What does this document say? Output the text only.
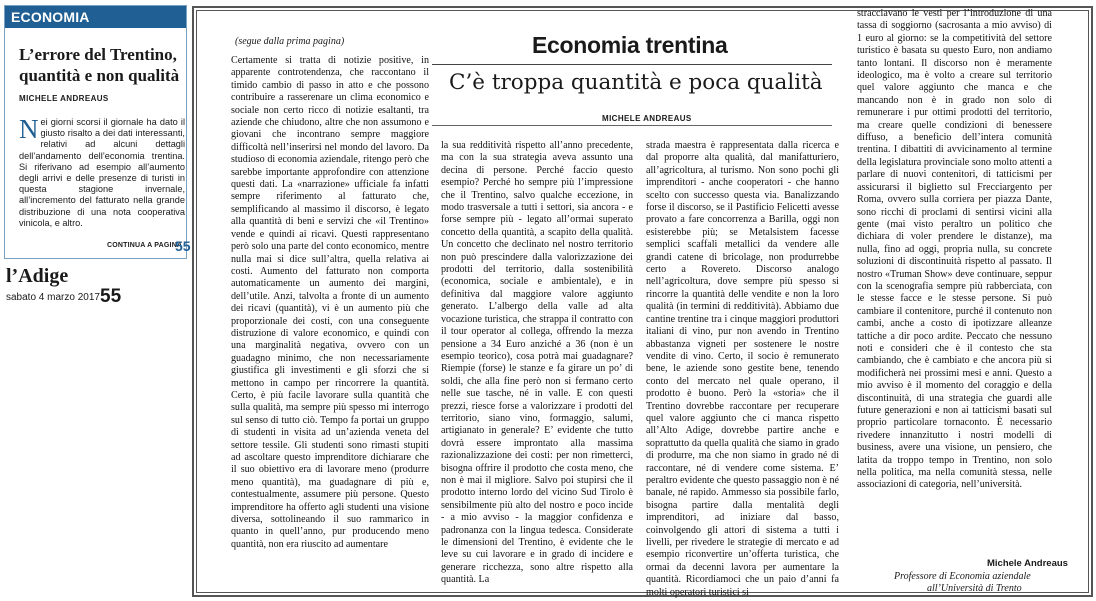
ECONOMIA
L’errore del Trentino,
quantità e non qualità
MICHELE ANDREAUS
Nei giorni scorsi il giornale ha dato il giusto risalto a dei dati interessanti, relativi ad alcuni dettagli dell’andamento dell’economia trentina. Si riferivano ad esempio all’aumento degli arrivi e delle presenze di turisti in questa stagione invernale, all’incremento del fatturato nella grande distribuzione di una nota cooperativa vinicola, e altro.
CONTINUA A PAGINA
55
l’Adige
sabato 4 marzo 2017 55
(segue dalla prima pagina)	Economia trentina
C’è troppa quantità e poca qualità
MICHELE ANDREAUS
Certamente si tratta di notizie positive, in apparente controtendenza, che raccontano il timido cambio di passo in atto e che possono contribuire a rasserenare un clima economico e sociale non certo ricco di notizie esaltanti, tra aziende che chiudono, altre che non assumono e giovani che incontrano sempre maggiore difficoltà nell’inserirsi nel mondo del lavoro. Da studioso di economia aziendale, ritengo però che sarebbe importante approfondire con attenzione questi dati. La «narrazione» ufficiale fa infatti sempre riferimento al fatturato che, semplificando al massimo il discorso, è legato alla quantità di beni e servizi che «il Trentino» vende e quindi ai ricavi. Questi rappresentano però solo una parte del conto economico, mentre nulla mai si dice sull’altra, quella relativa ai costi. Aumento del fatturato non comporta automaticamente un aumento dei margini, dell’utile. Anzi, talvolta a fronte di un aumento dei ricavi (quantità), vi è un aumento più che proporzionale dei costi, con una conseguente distruzione di valore economico, e quindi con una marginalità negativa, ovvero con un guadagno minimo, che non necessariamente giustifica gli investimenti e gli sforzi che si mettono in campo per rincorrere la quantità. Certo, è più facile lavorare sulla quantità che sulla qualità, ma sempre più spesso mi interrogo sul senso di tutto ciò. Tempo fa portai un gruppo di studenti in visita ad un’azienda veneta del settore tessile. Gli studenti sono rimasti stupiti ad ascoltare questo imprenditore dichiarare che il suo obiettivo era di lavorare meno (produrre meno quantità), ma guadagnare di più e, contestualmente, assumere più persone. Questo imprenditore ha offerto agli studenti una visione diversa, sottolineando il suo rammarico in quanto in quell’anno, pur producendo meno quantità, non era riuscito ad aumentare
la sua redditività rispetto all’anno precedente, ma con la sua strategia aveva assunto una decina di persone. Perché faccio questo esempio? Perché ho sempre più l’impressione che il Trentino, salvo qualche eccezione, in modo trasversale a tutti i settori, sia ancora - e forse sempre più - legato all’ormai superato concetto della quantità, a scapito della qualità. Un concetto che declinato nel nostro territorio non può prescindere dalla valorizzazione dei prodotti del territorio, dalla sostenibilità (economica, sociale e ambientale), e in definitiva dal maggiore valore aggiunto generato. L’albergo della valle ad alta vocazione turistica, che strappa il contratto con il tour operator al collega, offrendo la mezza pensione a 34 Euro anziché a 36 (non è un esempio teorico), cosa potrà mai guadagnare? Riempie (forse) le stanze e fa girare un po’ di soldi, che alla fine però non si fermano certo nelle sue tasche, né in valle. E con questi prezzi, riesce forse a valorizzare i prodotti del territorio, siano vino, formaggio, salumi, artigianato in generale? E’ evidente che tutto dovrà essere improntato alla massima razionalizzazione dei costi: per non rimetterci, bisogna offrire il prodotto che costa meno, che non è mai il migliore. Salvo poi stupirsi che il prodotto interno lordo del vicino Sud Tirolo è sensibilmente più alto del nostro e poco incide - a mio avviso - la maggior confidenza e padronanza con la lingua tedesca. Considerate le dimensioni del Trentino, è evidente che le leve su cui lavorare e in grado di incidere e generare ricchezza, sono altre rispetto alla quantità. La
strada maestra è rappresentata dalla ricerca e dal proporre alta qualità, dal manifatturiero, all’agricoltura, al turismo. Non sono pochi gli imprenditori - anche cooperatori - che hanno scelto con successo questa via. Banalizzando forse il discorso, se il Pastificio Felicetti avesse provato a fare concorrenza a Barilla, oggi non esisterebbe più; se Metalsistem facesse semplici scaffali metallici da vendere alle grandi catene di bricolage, non produrrebbe certo a Rovereto. Discorso analogo nell’agricoltura, dove sempre più spesso si rincorre la quantità delle vendite e non la loro qualità (in termini di redditività). Abbiamo due cantine trentine tra i cinque maggiori produttori italiani di vino, pur non avendo in Trentino abbastanza vigneti per sostenere le nostre vendite di vino. Certo, il socio è remunerato bene, le aziende sono gestite bene, tenendo conto del mercato nel quale operano, il prodotto è buono. Però la «storia» che il Trentino dovrebbe raccontare per recuperare quel valore aggiunto che ci manca rispetto all’Alto Adige, dovrebbe partire anche e soprattutto da quella qualità che siamo in grado di produrre, ma che non siamo in grado né di raccontare, né di vendere come sistema. E’ peraltro evidente che questo passaggio non è né banale, né rapido. Ammesso sia possibile farlo, bisogna partire dalla mentalità degli imprenditori, ad iniziare dal basso, coinvolgendo gli attori di sistema a tutti i livelli, per rivedere le strategie di mercato e ad esempio riconvertire un’offerta turistica, che ormai da decenni lavora per aumentare la quantità. Ricordiamoci che un paio d’anni fa molti operatori turistici si
stracciavano le vesti per l’introduzione di una tassa di soggiorno (sacrosanta a mio avviso) di 1 euro al giorno: se la competitività del settore turistico è basata su questo Euro, non andiamo tanto lontani. Il discorso non è meramente ideologico, ma è volto a creare sul territorio quel valore aggiunto che manca e che mancando non è in grado non solo di remunerare i pur ottimi prodotti del territorio, ma creare quelle condizioni di benessere diffuso, a beneficio dell’intera comunità trentina. I dibattiti di avvicinamento al termine della legislatura provinciale sono molto attenti a parlare di nuovi contenitori, di tatticismi per assicurarsi il biglietto sul Frecciargento per Roma, ovvero sulla corriera per piazza Dante, sono ricchi di proclami di sentirsi vicini alla gente (mai visto peraltro un politico che dichiara di voler prendere le distanze), ma nulla, fino ad oggi, propria nulla, su concrete soluzioni di discontinuità rispetto al passato. Il nostro «Truman Show» deve continuare, seppur con la scenografia sempre più rabberciata, con le stesse facce e le stesse persone. Si può cambiare il contenitore, purché il contenuto non cambi, anche a costo di ipotizzare alleanze tattiche a dir poco ardite. Peccato che nessuno noti e consideri che è il contesto che sta cambiando, che è cambiato e che ancora più si modificherà nei prossimi mesi e anni. Questo a mio avviso è il momento del coraggio e della discontinuità, di una strategia che guardi alle future generazioni e non ai tatticismi basati sul proprio particolare tornaconto. È necessario rivedere innanzitutto i nostri modelli di business, avere una visione, un pensiero, che latita da troppo tempo in Trentino, non solo nella politica, ma nella comunità stessa, nelle associazioni di categoria, nell’università.
Michele Andreaus
Professore di Economia aziendale
all’Università di Trento
